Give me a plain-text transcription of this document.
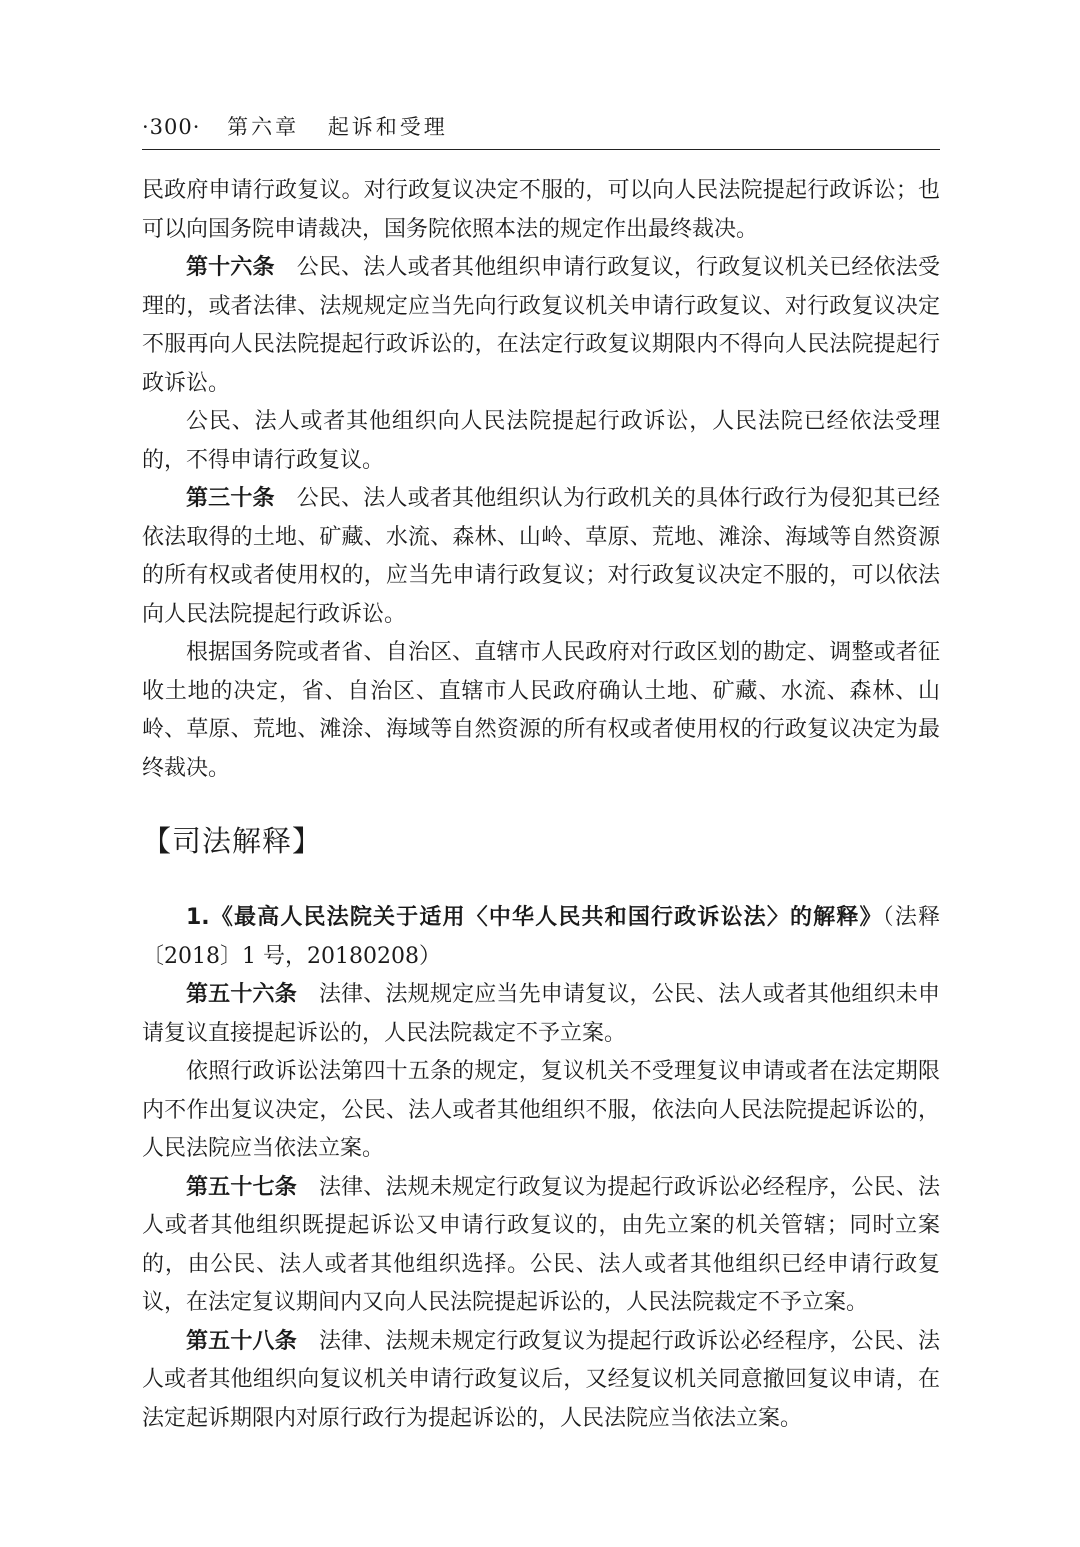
·300· 第六章 起诉和受理

民政府申请行政复议。对行政复议决定不服的，可以向人民法院提起行政诉讼；也可以向国务院申请裁决，国务院依照本法的规定作出最终裁决。

第十六条 公民、法人或者其他组织申请行政复议，行政复议机关已经依法受理的，或者法律、法规规定应当先向行政复议机关申请行政复议、对行政复议决定不服再向人民法院提起行政诉讼的，在法定行政复议期限内不得向人民法院提起行政诉讼。

公民、法人或者其他组织向人民法院提起行政诉讼，人民法院已经依法受理的，不得申请行政复议。

第三十条 公民、法人或者其他组织认为行政机关的具体行政行为侵犯其已经依法取得的土地、矿藏、水流、森林、山岭、草原、荒地、滩涂、海域等自然资源的所有权或者使用权的，应当先申请行政复议；对行政复议决定不服的，可以依法向人民法院提起行政诉讼。

根据国务院或者省、自治区、直辖市人民政府对行政区划的勘定、调整或者征收土地的决定，省、自治区、直辖市人民政府确认土地、矿藏、水流、森林、山岭、草原、荒地、滩涂、海域等自然资源的所有权或者使用权的行政复议决定为最终裁决。

【司法解释】

1.《最高人民法院关于适用〈中华人民共和国行政诉讼法〉的解释》（法释〔2018〕1 号，20180208）

第五十六条 法律、法规规定应当先申请复议，公民、法人或者其他组织未申请复议直接提起诉讼的，人民法院裁定不予立案。

依照行政诉讼法第四十五条的规定，复议机关不受理复议申请或者在法定期限内不作出复议决定，公民、法人或者其他组织不服，依法向人民法院提起诉讼的，人民法院应当依法立案。

第五十七条 法律、法规未规定行政复议为提起行政诉讼必经程序，公民、法人或者其他组织既提起诉讼又申请行政复议的，由先立案的机关管辖；同时立案的，由公民、法人或者其他组织选择。公民、法人或者其他组织已经申请行政复议，在法定复议期间内又向人民法院提起诉讼的，人民法院裁定不予立案。

第五十八条 法律、法规未规定行政复议为提起行政诉讼必经程序，公民、法人或者其他组织向复议机关申请行政复议后，又经复议机关同意撤回复议申请，在法定起诉期限内对原行政行为提起诉讼的，人民法院应当依法立案。
